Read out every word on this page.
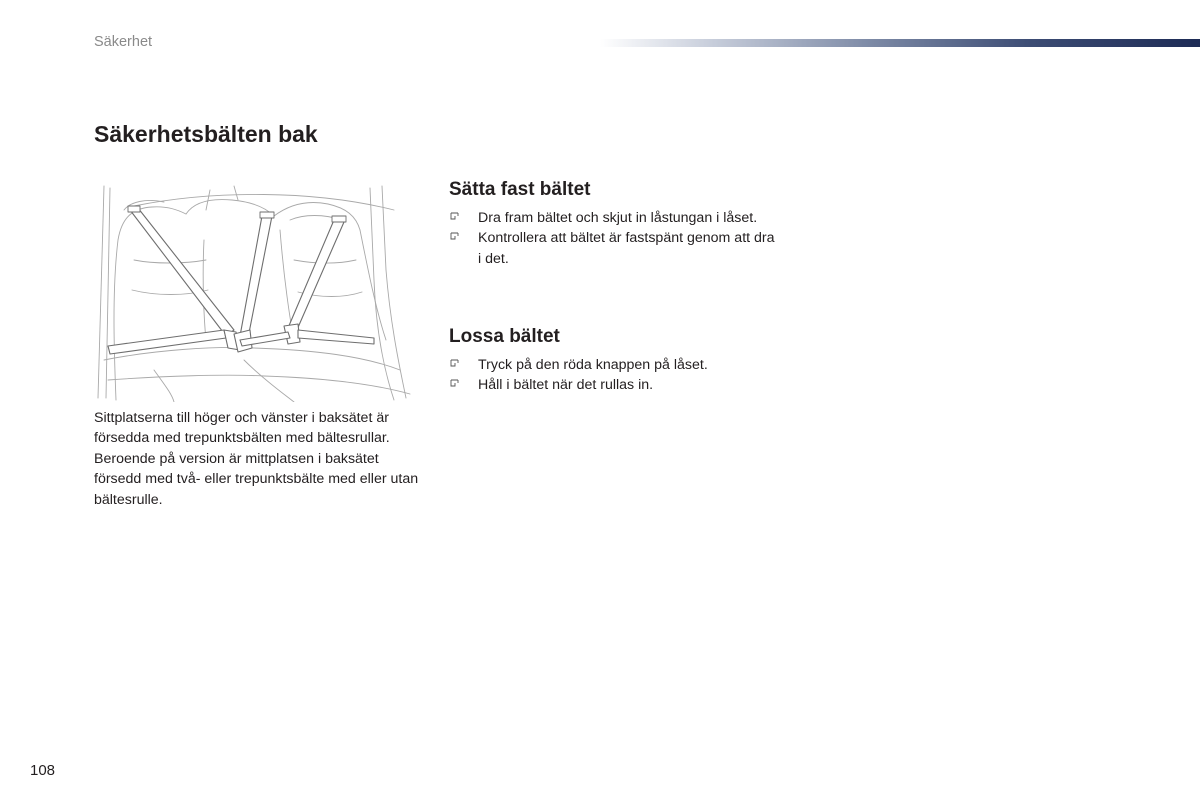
Säkerhet
Säkerhetsbälten bak

Sittplatserna till höger och vänster i baksätet är försedda med trepunktsbälten med bältesrullar. Beroende på version är mittplatsen i baksätet försedd med två- eller trepunktsbälte med eller utan bältesrulle.

Sätta fast bältet
Dra fram bältet och skjut in låstungan i låset.
Kontrollera att bältet är fastspänt genom att dra i det.
Lossa bältet
Tryck på den röda knappen på låset.
Håll i bältet när det rullas in.
108
